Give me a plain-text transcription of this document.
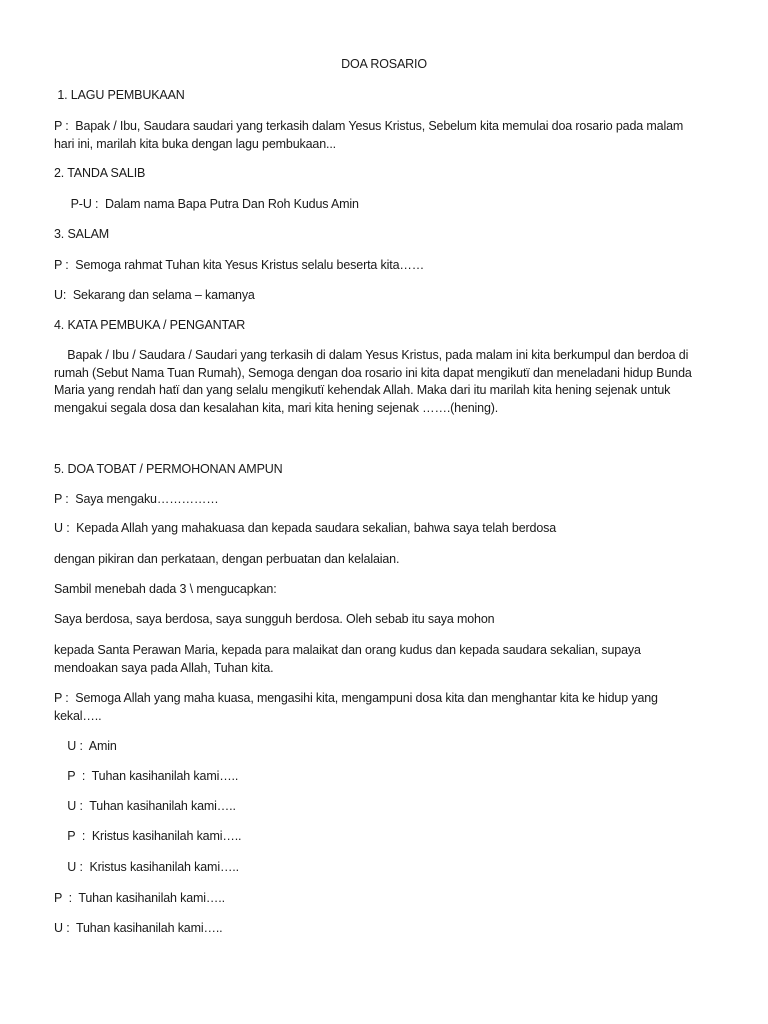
DOA ROSARIO
1. LAGU PEMBUKAAN
P :  Bapak / Ibu, Saudara saudari yang terkasih dalam Yesus Kristus, Sebelum kita memulai doa rosario pada malam
hari ini, marilah kita buka dengan lagu pembukaan...
2. TANDA SALIB
P-U :  Dalam nama Bapa Putra Dan Roh Kudus Amin
3. SALAM
P :  Semoga rahmat Tuhan kita Yesus Kristus selalu beserta kita……
U:  Sekarang dan selama – kamanya
4. KATA PEMBUKA / PENGANTAR
Bapak / Ibu / Saudara / Saudari yang terkasih di dalam Yesus Kristus, pada malam ini kita berkumpul dan berdoa di
rumah (Sebut Nama Tuan Rumah), Semoga dengan doa rosario ini kita dapat mengikutï dan meneladani hidup Bunda
Maria yang rendah hatï dan yang selalu mengikutï kehendak Allah. Maka dari itu marilah kita hening sejenak untuk
mengakui segala dosa dan kesalahan kita, mari kita hening sejenak …….(hening).
5. DOA TOBAT / PERMOHONAN AMPUN
P :  Saya mengaku……………
U :  Kepada Allah yang mahakuasa dan kepada saudara sekalian, bahwa saya telah berdosa
dengan pikiran dan perkataan, dengan perbuatan dan kelalaian.
Sambil menebah dada 3 \ mengucapkan:
Saya berdosa, saya berdosa, saya sungguh berdosa. Oleh sebab itu saya mohon
kepada Santa Perawan Maria, kepada para malaikat dan orang kudus dan kepada saudara sekalian, supaya
mendoakan saya pada Allah, Tuhan kita.
P :  Semoga Allah yang maha kuasa, mengasihi kita, mengampuni dosa kita dan menghantar kita ke hidup yang
kekal…..
U :  Amin
P  :  Tuhan kasihanilah kami…..
U :  Tuhan kasihanilah kami…..
P  :  Kristus kasihanilah kami…..
U :  Kristus kasihanilah kami…..
P  :  Tuhan kasihanilah kami…..
U :  Tuhan kasihanilah kami…..
